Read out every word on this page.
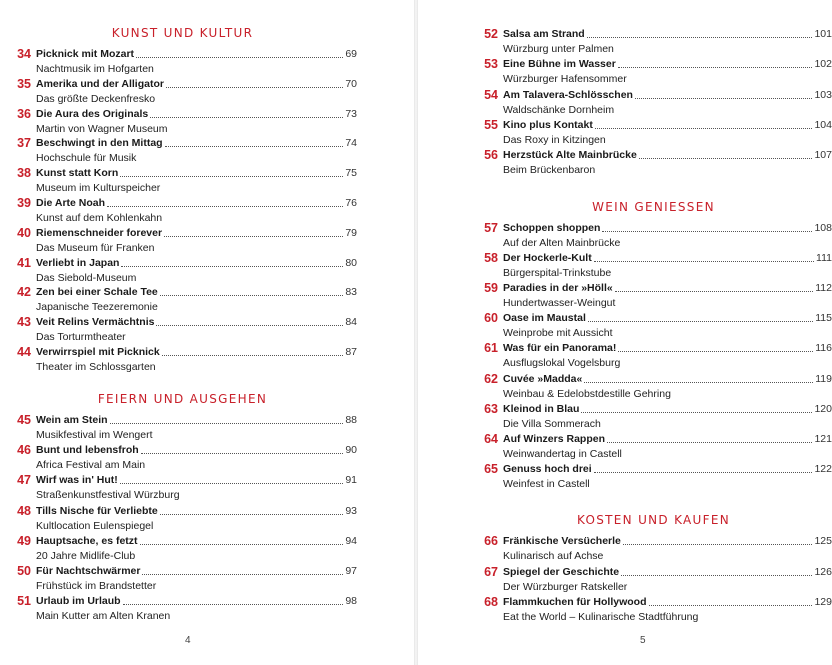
KUNST UND KULTUR
34 Picknick mit Mozart	69
Nachtmusik im Hofgarten
35 Amerika und der Alligator	70
Das größte Deckenfresko
36 Die Aura des Originals	73
Martin von Wagner Museum
37 Beschwingt in den Mittag	74
Hochschule für Musik
38 Kunst statt Korn	75
Museum im Kulturspeicher
39 Die Arte Noah	76
Kunst auf dem Kohlenkahn
40 Riemenschneider forever	79
Das Museum für Franken
41 Verliebt in Japan	80
Das Siebold-Museum
42 Zen bei einer Schale Tee	83
Japanische Teezeremonie
43 Veit Relins Vermächtnis	84
Das Torturmtheater
44 Verwirrspiel mit Picknick	87
Theater im Schlossgarten
FEIERN UND AUSGEHEN
45 Wein am Stein	88
Musikfestival im Wengert
46 Bunt und lebensfroh	90
Africa Festival am Main
47 Wirf was in' Hut!	91
Straßenkunstfestival Würzburg
48 Tills Nische für Verliebte	93
Kultlocation Eulenspiegel
49 Hauptsache, es fetzt	94
20 Jahre Midlife-Club
50 Für Nachtschwärmer	97
Frühstück im Brandstetter
51 Urlaub im Urlaub	98
Main Kutter am Alten Kranen
4
52 Salsa am Strand	101
Würzburg unter Palmen
53 Eine Bühne im Wasser	102
Würzburger Hafensommer
54 Am Talavera-Schlösschen	103
Waldschänke Dornheim
55 Kino plus Kontakt	104
Das Roxy in Kitzingen
56 Herzstück Alte Mainbrücke	107
Beim Brückenbaron
WEIN GENIESSEN
57 Schoppen shoppen	108
Auf der Alten Mainbrücke
58 Der Hockerle-Kult	111
Bürgerspital-Trinkstube
59 Paradies in der »Höll«	112
Hundertwasser-Weingut
60 Oase im Maustal	115
Weinprobe mit Aussicht
61 Was für ein Panorama!	116
Ausflugslokal Vogelsburg
62 Cuvée »Madda«	119
Weinbau & Edelobstdestille Gehring
63 Kleinod in Blau	120
Die Villa Sommerach
64 Auf Winzers Rappen	121
Weinwandertag in Castell
65 Genuss hoch drei	122
Weinfest in Castell
KOSTEN UND KAUFEN
66 Fränkische Versücherle	125
Kulinarisch auf Achse
67 Spiegel der Geschichte	126
Der Würzburger Ratskeller
68 Flammkuchen für Hollywood	129
Eat the World – Kulinarische Stadtführung
5
